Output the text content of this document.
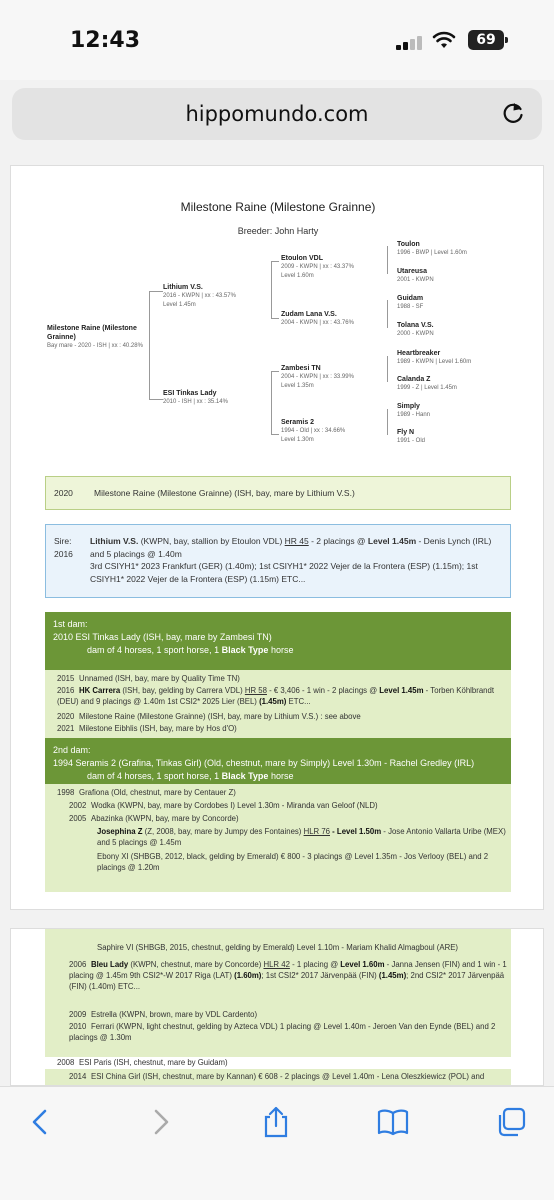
12:43	69
hippomundo.com
Milestone Raine (Milestone Grainne)
Breeder: John Harty
Milestone Raine (Milestone Grainne)
Bay mare - 2020 - ISH | xx : 40.28%
Lithium V.S.
2016 - KWPN | xx : 43.57%
Level 1.45m
ESI Tinkas Lady
2010 - ISH | xx : 35.14%
Etoulon VDL
2009 - KWPN | xx : 43.37%
Level 1.60m
Zudam Lana V.S.
2004 - KWPN | xx : 43.76%
Zambesi TN
2004 - KWPN | xx : 33.99%
Level 1.35m
Seramis 2
1994 - Old | xx : 34.66%
Level 1.30m
Toulon
1996 - BWP | Level 1.60m
Utareusa
2001 - KWPN
Guidam
1988 - SF
Tolana V.S.
2000 - KWPN
Heartbreaker
1989 - KWPN | Level 1.60m
Calanda Z
1999 - Z | Level 1.45m
Simply
1989 - Hann
Fly N
1991 - Old
2020 Milestone Raine (Milestone Grainne) (ISH, bay, mare by Lithium V.S.)
Sire:
2016
Lithium V.S. (KWPN, bay, stallion by Etoulon VDL) HR 45 - 2 placings @ Level 1.45m - Denis Lynch (IRL) and 5 placings @ 1.40m
3rd CSIYH1* 2023 Frankfurt (GER) (1.40m); 1st CSIYH1* 2022 Vejer de la Frontera (ESP) (1.15m); 1st CSIYH1* 2022 Vejer de la Frontera (ESP) (1.15m) ETC...
1st dam:
2010 ESI Tinkas Lady (ISH, bay, mare by Zambesi TN)
dam of 4 horses, 1 sport horse, 1 Black Type horse
2015 Unnamed (ISH, bay, mare by Quality Time TN)
2016 HK Carrera (ISH, bay, gelding by Carrera VDL) HR 58 - € 3,406 - 1 win - 2 placings @ Level 1.45m - Torben Köhlbrandt (DEU) and 9 placings @ 1.40m 1st CSI2* 2025 Lier (BEL) (1.45m) ETC...
2020 Milestone Raine (Milestone Grainne) (ISH, bay, mare by Lithium V.S.) : see above
2021 Milestone Eibhlis (ISH, bay, mare by Hos d'O)
2nd dam:
1994 Seramis 2 (Grafina, Tinkas Girl) (Old, chestnut, mare by Simply) Level 1.30m - Rachel Gredley (IRL)
dam of 4 horses, 1 sport horse, 1 Black Type horse
1998 Grafiona (Old, chestnut, mare by Centauer Z)
2002 Wodka (KWPN, bay, mare by Cordobes I) Level 1.30m - Miranda van Geloof (NLD)
2005 Abazinka (KWPN, bay, mare by Concorde)
Josephina Z (Z, 2008, bay, mare by Jumpy des Fontaines) HLR 76 - Level 1.50m - Jose Antonio Vallarta Uribe (MEX) and 5 placings @ 1.45m
Ebony XI (SHBGB, 2012, black, gelding by Emerald) € 800 - 3 placings @ Level 1.35m - Jos Verlooy (BEL) and 2 placings @ 1.20m
Saphire VI (SHBGB, 2015, chestnut, gelding by Emerald) Level 1.10m - Mariam Khalid Almagboul (ARE)
2006 Bleu Lady (KWPN, chestnut, mare by Concorde) HLR 42 - 1 placing @ Level 1.60m - Janna Jensen (FIN) and 1 win - 1 placing @ 1.45m 9th CSI2*-W 2017 Riga (LAT) (1.60m); 1st CSI2* 2017 Järvenpää (FIN) (1.45m); 2nd CSI2* 2017 Järvenpää (FIN) (1.40m) ETC...
2009 Estrella (KWPN, brown, mare by VDL Cardento)
2010 Ferrari (KWPN, light chestnut, gelding by Azteca VDL) 1 placing @ Level 1.40m - Jeroen Van den Eynde (BEL) and 2 placings @ 1.30m
2008 ESI Paris (ISH, chestnut, mare by Guidam)
2014 ESI China Girl (ISH, chestnut, mare by Kannan) € 608 - 2 placings @ Level 1.40m - Lena Oleszkiewicz (POL) and
